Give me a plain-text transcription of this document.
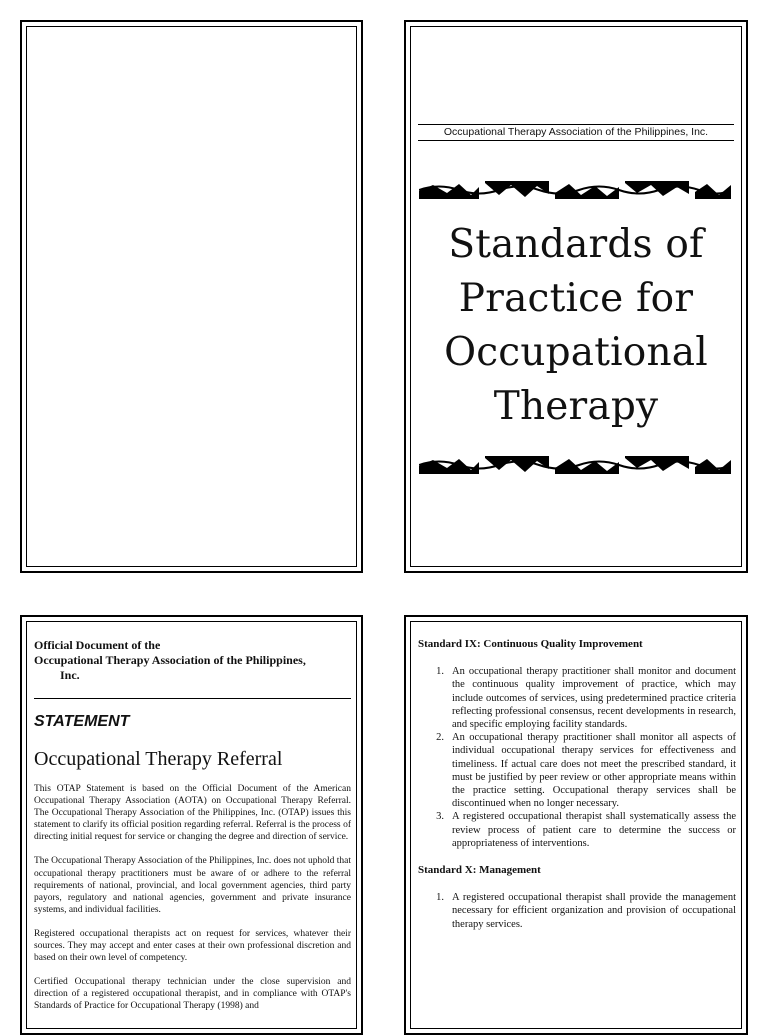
Occupational Therapy Association of the Philippines, Inc.
Standards of
Practice for
Occupational
Therapy
Official Document of the
Occupational Therapy Association of the Philippines,
Inc.
STATEMENT
Occupational Therapy Referral

This OTAP Statement is based on the Official Document of the American Occupational Therapy Association (AOTA) on Occupational Therapy Referral. The Occupational Therapy Association of the Philippines, Inc. (OTAP) issues this statement to clarify its official position regarding referral. Referral is the process of directing initial request for service or changing the degree and direction of service.

The Occupational Therapy Association of the Philippines, Inc. does not uphold that occupational therapy practitioners must be aware of or adhere to the referral requirements of national, provincial, and local government agencies, third party payors, regulatory and national agencies, government and private insurance systems, and individual facilities.

Registered occupational therapists act on request for services, whatever their sources. They may accept and enter cases at their own professional discretion and based on their own level of competency.

Certified Occupational therapy technician under the close supervision and direction of a registered occupational therapist, and in compliance with OTAP's Standards of Practice for Occupational Therapy (1998) and

Standard IX: Continuous Quality Improvement
1. An occupational therapy practitioner shall monitor and document the continuous quality improvement of practice, which may include outcomes of services, using predetermined practice criteria reflecting professional consensus, recent developments in research, and specific employing facility standards.
2. An occupational therapy practitioner shall monitor all aspects of individual occupational therapy services for effectiveness and timeliness. If actual care does not meet the prescribed standard, it must be justified by peer review or other appropriate means within the practice setting. Occupational therapy services shall be discontinued when no longer necessary.
3. A registered occupational therapist shall systematically assess the review process of patient care to determine the success or appropriateness of interventions.
Standard X: Management
1. A registered occupational therapist shall provide the management necessary for efficient organization and provision of occupational therapy services.
